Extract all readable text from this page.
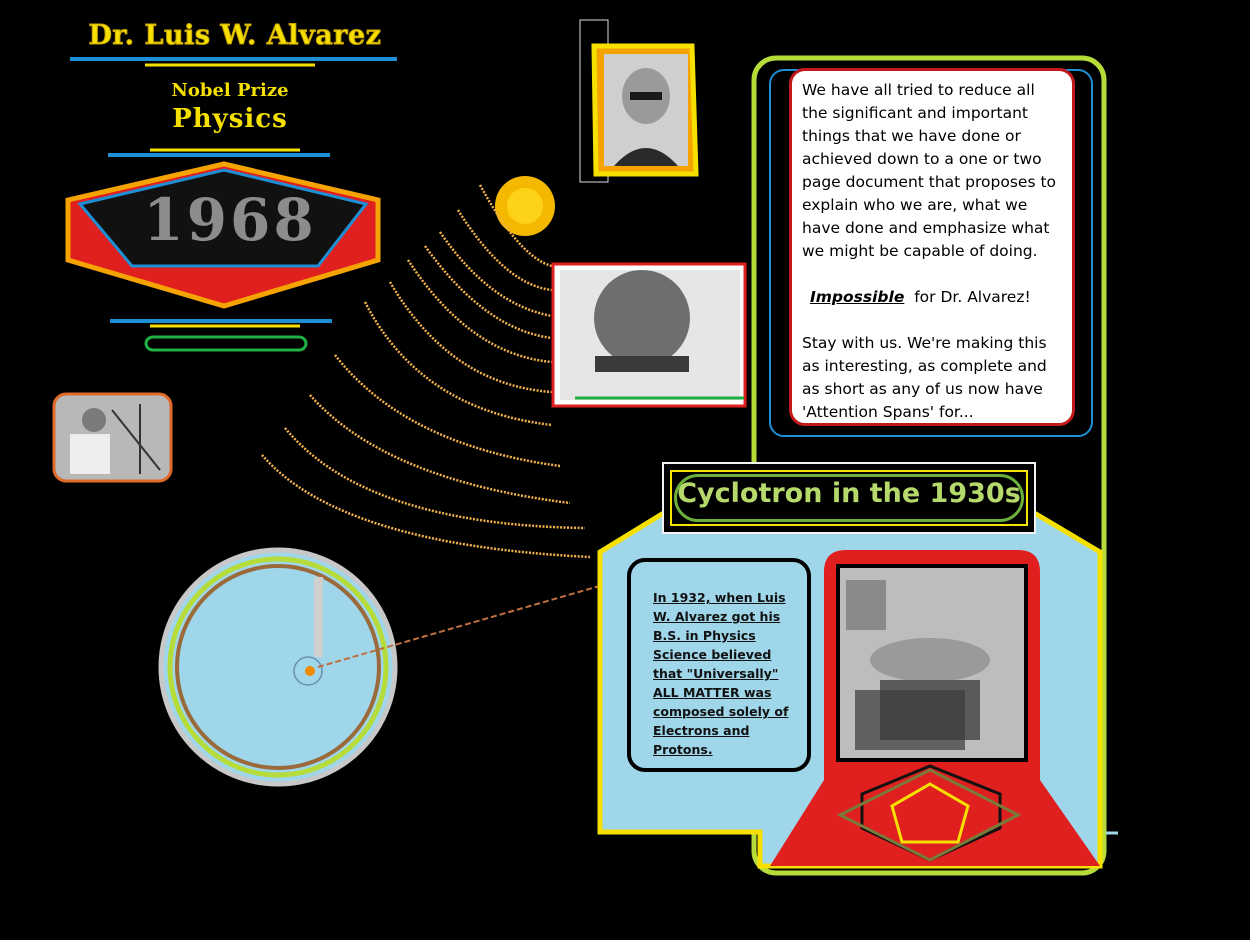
Dr. Luis W. Alvarez
Nobel Prize
Physics
1968

We have all tried to reduce all the significant and important things that we have done or achieved down to a one or two page document that proposes to explain who we are, what we have done and emphasize what we might be capable of doing.

Impossible for Dr. Alvarez!

Stay with us. We're making this as interesting, as complete and as short as any of us now have 'Attention Spans' for...

Cyclotron in the 1930s
In 1932, when Luis W. Alvarez got his B.S. in Physics Science believed that "Universally" ALL MATTER was composed solely of Electrons and Protons.
